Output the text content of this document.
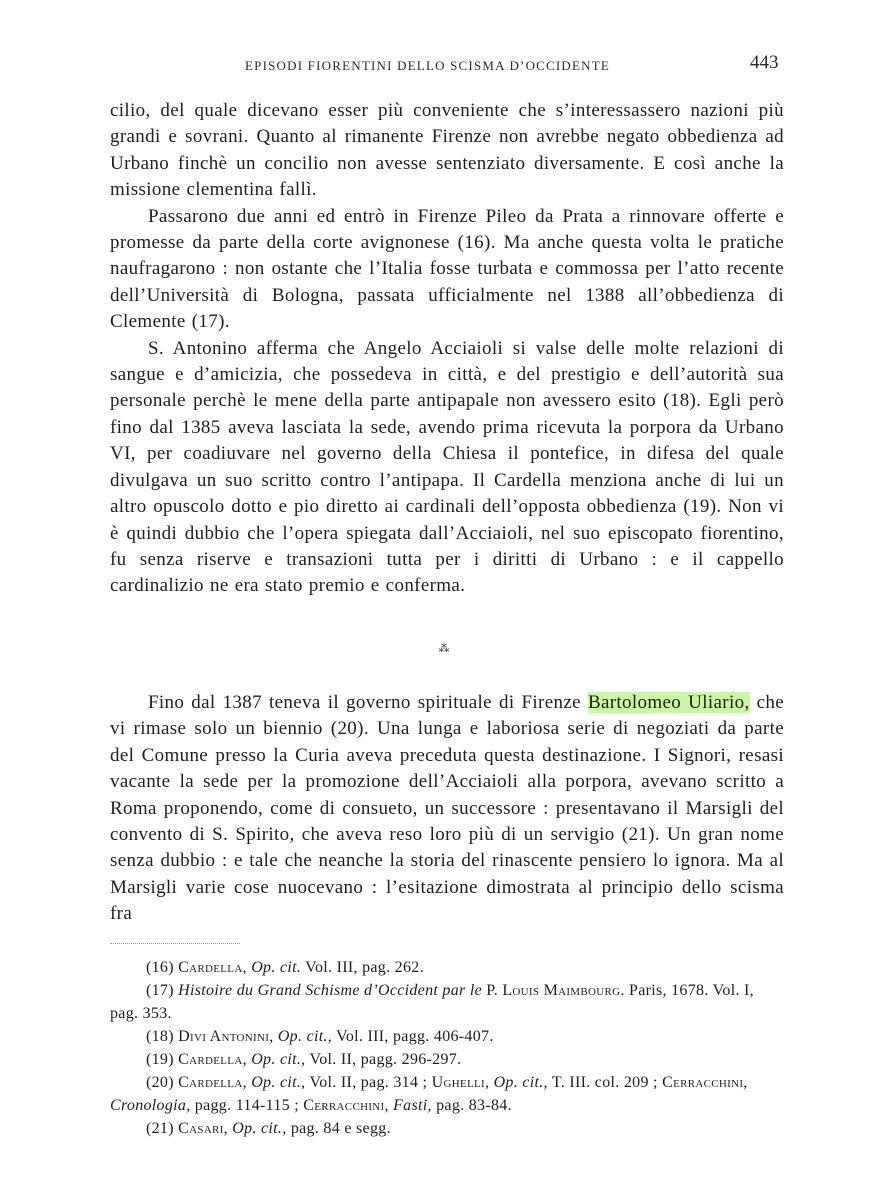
EPISODI FIORENTINI DELLO SCISMA D’OCCIDENTE	443

cilio, del quale dicevano esser più conveniente che s’interessassero nazioni più grandi e sovrani. Quanto al rimanente Firenze non avrebbe negato obbedienza ad Urbano finchè un concilio non avesse sentenziato diversamente. E così anche la missione clementina fallì.

Passarono due anni ed entrò in Firenze Pileo da Prata a rinnovare offerte e promesse da parte della corte avignonese (16). Ma anche questa volta le pratiche naufragarono : non ostante che l’Italia fosse turbata e commossa per l’atto recente dell’Università di Bologna, passata ufficialmente nel 1388 all’obbedienza di Clemente (17).

S. Antonino afferma che Angelo Acciaioli si valse delle molte relazioni di sangue e d’amicizia, che possedeva in città, e del prestigio e dell’autorità sua personale perchè le mene della parte antipapale non avessero esito (18). Egli però fino dal 1385 aveva lasciata la sede, avendo prima ricevuta la porpora da Urbano VI, per coadiuvare nel governo della Chiesa il pontefice, in difesa del quale divulgava un suo scritto contro l’antipapa. Il Cardella menziona anche di lui un altro opuscolo dotto e pio diretto ai cardinali dell’opposta obbedienza (19). Non vi è quindi dubbio che l’opera spiegata dall’Acciaioli, nel suo episcopato fiorentino, fu senza riserve e transazioni tutta per i diritti di Urbano : e il cappello cardinalizio ne era stato premio e conferma.

⁂

Fino dal 1387 teneva il governo spirituale di Firenze Bartolomeo Uliario, che vi rimase solo un biennio (20). Una lunga e laboriosa serie di negoziati da parte del Comune presso la Curia aveva preceduta questa destinazione. I Signori, resasi vacante la sede per la promozione dell’Acciaioli alla porpora, avevano scritto a Roma proponendo, come di consueto, un successore : presentavano il Marsigli del convento di S. Spirito, che aveva reso loro più di un servigio (21). Un gran nome senza dubbio : e tale che neanche la storia del rinascente pensiero lo ignora. Ma al Marsigli varie cose nuocevano : l’esitazione dimostrata al principio dello scisma fra

(16) Cardella, Op. cit. Vol. III, pag. 262.

(17) Histoire du Grand Schisme d’Occident par le P. Louis Maimbourg. Paris, 1678. Vol. I, pag. 353.

(18) Divi Antonini, Op. cit., Vol. III, pagg. 406-407.

(19) Cardella, Op. cit., Vol. II, pagg. 296-297.

(20) Cardella, Op. cit., Vol. II, pag. 314 ; Ughelli, Op. cit., T. III. col. 209 ; Cerracchini, Cronologia, pagg. 114-115 ; Cerracchini, Fasti, pag. 83-84.

(21) Casari, Op. cit., pag. 84 e segg.
